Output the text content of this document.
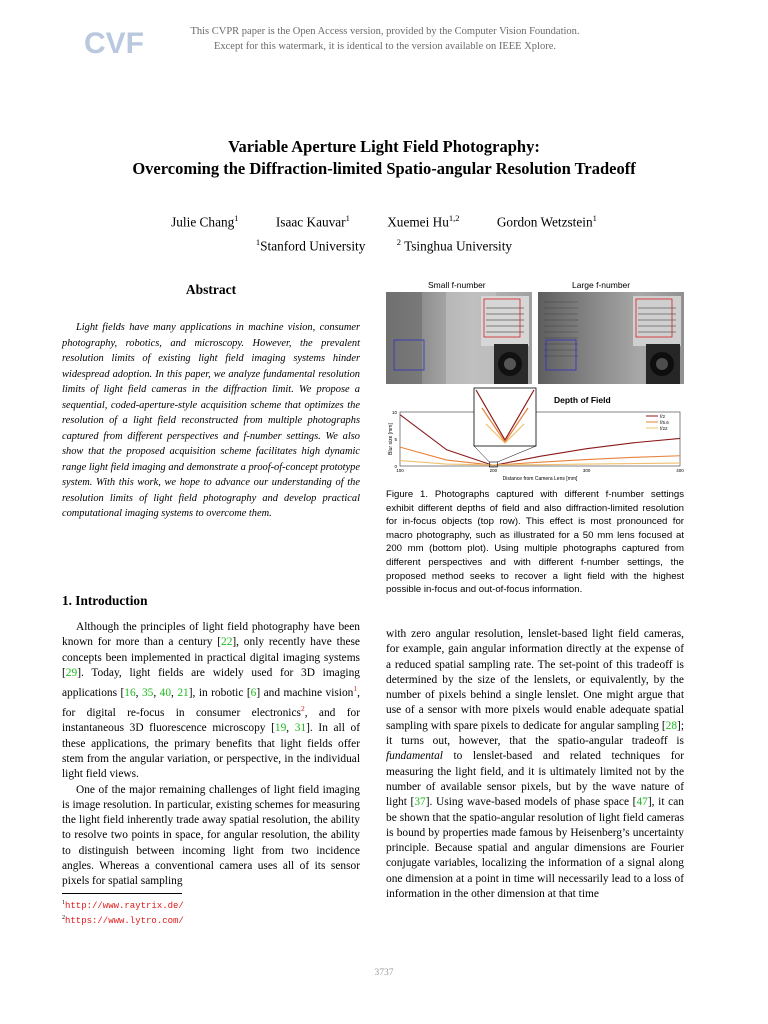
CVF	This CVPR paper is the Open Access version, provided by the Computer Vision Foundation.
Except for this watermark, it is identical to the version available on IEEE Xplore.
Variable Aperture Light Field Photography:
Overcoming the Diffraction-limited Spatio-angular Resolution Tradeoff
Julie Chang$^1$	Isaac Kauvar$^1$	Xuemei Hu$^{1,2}$	Gordon Wetzstein$^1$
$^1$Stanford University	$^2$ Tsinghua University
Abstract

Light fields have many applications in machine vision, consumer photography, robotics, and microscopy. However, the prevalent resolution limits of existing light field imaging systems hinder widespread adoption. In this paper, we analyze fundamental resolution limits of light field cameras in the diffraction limit. We propose a sequential, coded-aperture-style acquisition scheme that optimizes the resolution of a light field reconstructed from multiple photographs captured from different perspectives and f-number settings. We also show that the proposed acquisition scheme facilitates high dynamic range light field imaging and demonstrate a proof-of-concept prototype system. With this work, we hope to advance our understanding of the resolution limits of light field photography and develop practical computational imaging systems to overcome them.

1. Introduction

Although the principles of light field photography have been known for more than a century [22], only recently have these concepts been implemented in practical digital imaging systems [29]. Today, light fields are widely used for 3D imaging applications [16, 35, 40, 21], in robotic [6] and machine vision$^1$, for digital re-focus in consumer electronics$^2$, and for instantaneous 3D fluorescence microscopy [19, 31]. In all of these applications, the primary benefits that light fields offer stem from the angular variation, or perspective, in the individual light field views.

One of the major remaining challenges of light field imaging is image resolution. In particular, existing schemes for measuring the light field inherently trade away spatial resolution, the ability to resolve two points in space, for angular resolution, the ability to distinguish between incoming light from two incidence angles. Whereas a conventional camera uses all of its sensor pixels for spatial sampling

$^1$http://www.raytrix.de/
$^2$https://www.lytro.com/
Small f-number	Large f-number
Depth of Field
0
5
10
100	200	300	400
Distance from Camera Lens [mm]
Blur size [mm]
f/2
f/5.6
f/22
Figure 1. Photographs captured with different f-number settings exhibit different depths of field and also diffraction-limited resolution for in-focus objects (top row). This effect is most pronounced for macro photography, such as illustrated for a 50 mm lens focused at 200 mm (bottom plot). Using multiple photographs captured from different perspectives and with different f-number settings, the proposed method seeks to recover a light field with the highest possible in-focus and out-of-focus information.

with zero angular resolution, lenslet-based light field cameras, for example, gain angular information directly at the expense of a reduced spatial sampling rate. The set-point of this tradeoff is determined by the size of the lenslets, or equivalently, by the number of pixels behind a single lenslet. One might argue that use of a sensor with more pixels would enable adequate spatial sampling with spare pixels to dedicate for angular sampling [28]; it turns out, however, that the spatio-angular tradeoff is fundamental to lenslet-based and related techniques for measuring the light field, and it is ultimately limited not by the number of available sensor pixels, but by the wave nature of light [37]. Using wave-based models of phase space [47], it can be shown that the spatio-angular resolution of light field cameras is bound by properties made famous by Heisenberg’s uncertainty principle. Because spatial and angular dimensions are Fourier conjugate variables, localizing the information of a signal along one dimension at a point in time will necessarily lead to a loss of information in the other dimension at that time

3737
